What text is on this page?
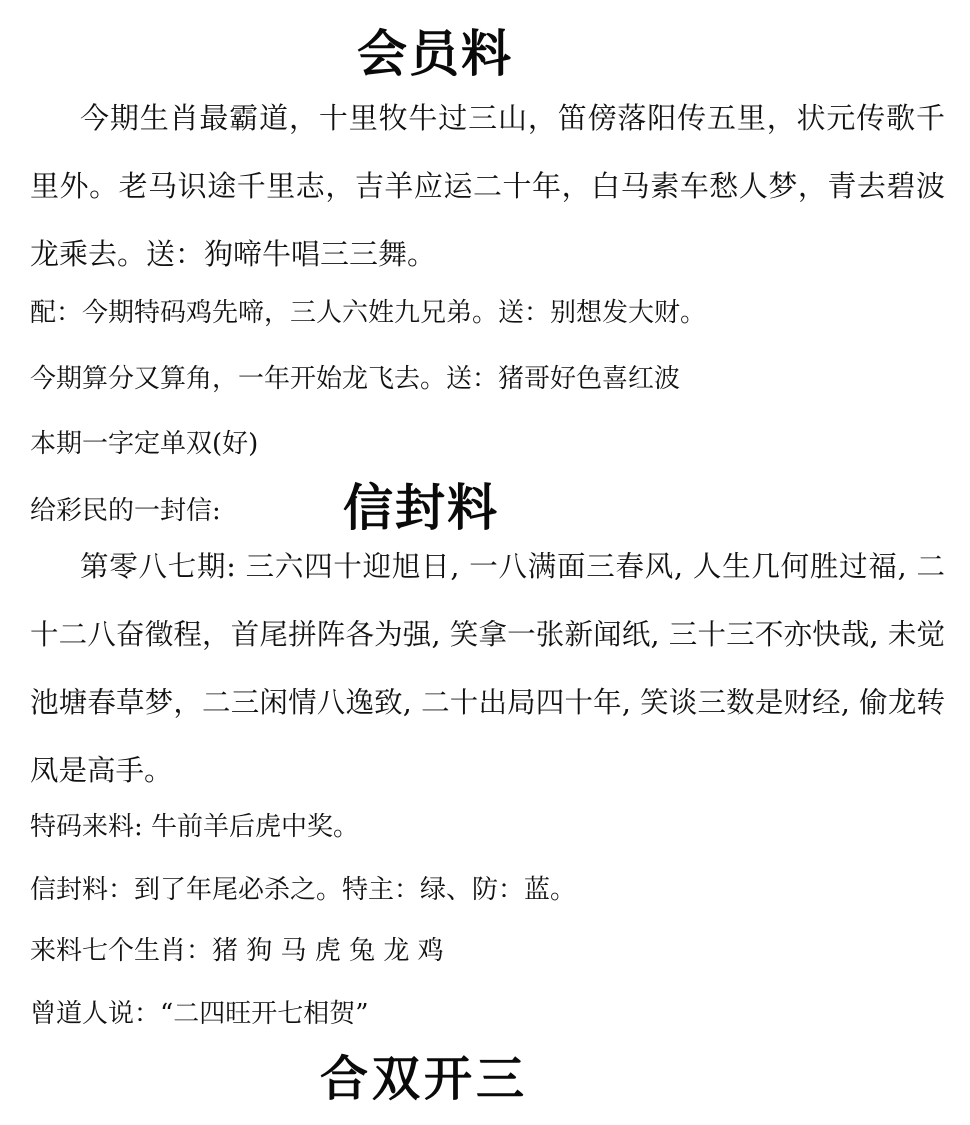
会员料
今期生肖最霸道，十里牧牛过三山，笛傍落阳传五里，状元传歌千里外。老马识途千里志，吉羊应运二十年，白马素车愁人梦，青去碧波龙乘去。送：狗啼牛唱三三舞。
配：今期特码鸡先啼，三人六姓九兄弟。送：别想发大财。
今期算分又算角，一年开始龙飞去。送：猪哥好色喜红波
本期一字定单双(好)
给彩民的一封信: 信封料
第零八七期: 三六四十迎旭日, 一八满面三春风, 人生几何胜过福, 二十二八奋徵程，首尾拼阵各为强, 笑拿一张新闻纸, 三十三不亦快哉, 未觉池塘春草梦，二三闲情八逸致, 二十出局四十年, 笑谈三数是财经, 偷龙转凤是高手。
特码来料: 牛前羊后虎中奖。
信封料：到了年尾必杀之。特主：绿、防：蓝。
来料七个生肖：猪 狗 马 虎 兔 龙 鸡
曾道人说：“二四旺开七相贺”
合双开三
